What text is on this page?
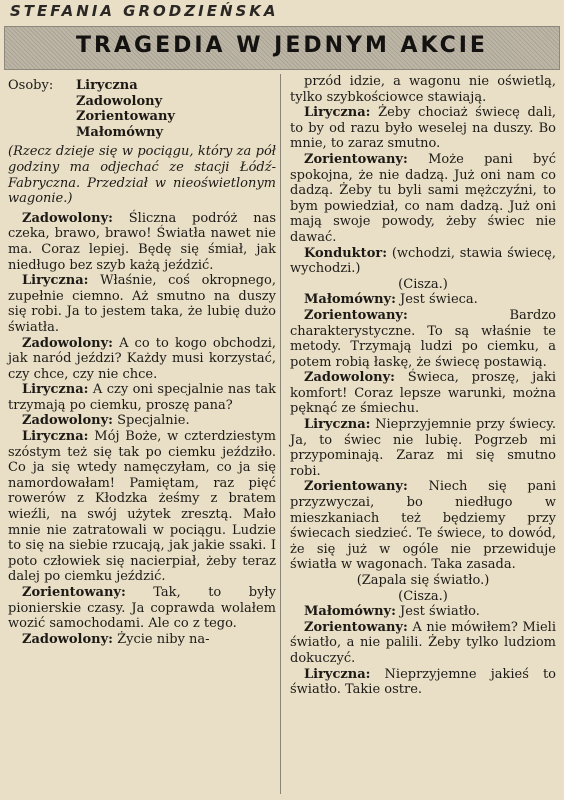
STEFANIA GRODZIEŃSKA
TRAGEDIA W JEDNYM AKCIE
Osoby:	Liryczna
Zadowolony
Zorientowany
Małomówny
(Rzecz dzieje się w pociągu, który za pół godziny ma odjechać ze stacji Łódź-Fabryczna. Przedział w nieoświetlonym wagonie.)

Zadowolony: Śliczna podróż nas czeka, brawo, brawo! Światła nawet nie ma. Coraz lepiej. Będę się śmiał, jak niedługo bez szyb każą jeździć.

Liryczna: Właśnie, coś okropnego, zupełnie ciemno. Aż smutno na duszy się robi. Ja to jestem taka, że lubię dużo światła.

Zadowolony: A co to kogo obchodzi, jak naród jeździ? Każdy musi korzystać, czy chce, czy nie chce.

Liryczna: A czy oni specjalnie nas tak trzymają po ciemku, proszę pana?

Zadowolony: Specjalnie.

Liryczna: Mój Boże, w czterdziestym szóstym też się tak po ciemku jeździło. Co ja się wtedy namęczyłam, co ja się namordowałam! Pamiętam, raz pięć rowerów z Kłodzka żeśmy z bratem wieźli, na swój użytek zresztą. Mało mnie nie zatratowali w pociągu. Ludzie to się na siebie rzucają, jak jakie ssaki. I poto człowiek się nacierpiał, żeby teraz dalej po ciemku jeździć.

Zorientowany: Tak, to były pionierskie czasy. Ja coprawda wolałem wozić samochodami. Ale co z tego.

Zadowolony: Życie niby na-

przód idzie, a wagonu nie oświetlą, tylko szybkościowce stawiają.

Liryczna: Żeby chociaż świecę dali, to by od razu było weselej na duszy. Bo mnie, to zaraz smutno.

Zorientowany: Może pani być spokojna, że nie dadzą. Już oni nam co dadzą. Żeby tu byli sami mężczyźni, to bym powiedział, co nam dadzą. Już oni mają swoje powody, żeby świec nie dawać.

Konduktor: (wchodzi, stawia świecę, wychodzi.)

(Cisza.)

Małomówny: Jest świeca.

Zorientowany: Bardzo charakterystyczne. To są właśnie te metody. Trzymają ludzi po ciemku, a potem robią łaskę, że świecę postawią.

Zadowolony: Świeca, proszę, jaki komfort! Coraz lepsze warunki, można pęknąć ze śmiechu.

Liryczna: Nieprzyjemnie przy świecy. Ja, to świec nie lubię. Pogrzeb mi przypominają. Zaraz mi się smutno robi.

Zorientowany: Niech się pani przyzwyczai, bo niedługo w mieszkaniach też będziemy przy świecach siedzieć. Te świece, to dowód, że się już w ogóle nie przewiduje światła w wagonach. Taka zasada.

(Zapala się światło.)

(Cisza.)

Małomówny: Jest światło.

Zorientowany: A nie mówiłem? Mieli światło, a nie palili. Żeby tylko ludziom dokuczyć.

Liryczna: Nieprzyjemne jakieś to światło. Takie ostre.
